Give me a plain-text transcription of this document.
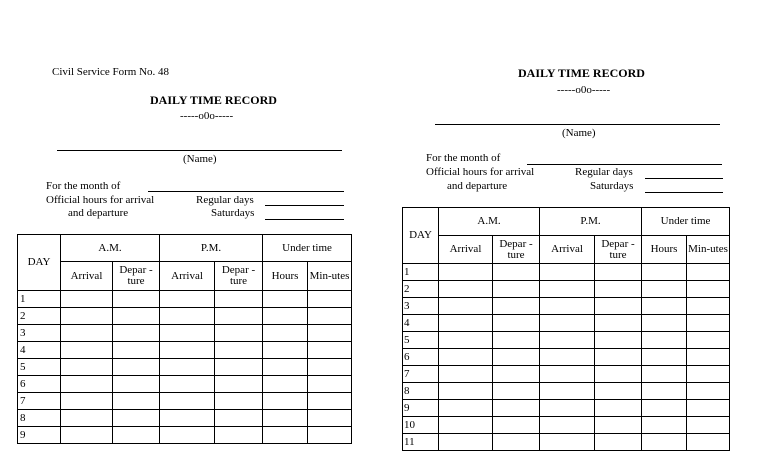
Civil Service Form No. 48
DAILY TIME RECORD
-----o0o-----
(Name)
For the month of
Official hours for arrival
and departure
Regular days
Saturdays
DAY	A.M.		P.M.		Under time	
	Arrival	Depar -ture	Arrival	Depar -ture	Hours	Min-utes
1						
2						
3						
4						
5						
6						
7						
8						
9						
DAILY TIME RECORD
-----o0o-----
(Name)
For the month of
Official hours for arrival
and departure
Regular days
Saturdays
DAY	A.M.		P.M.		Under time	
	Arrival	Depar -ture	Arrival	Depar -ture	Hours	Min-utes
1						
2						
3						
4						
5						
6						
7						
8						
9						
10						
11						
